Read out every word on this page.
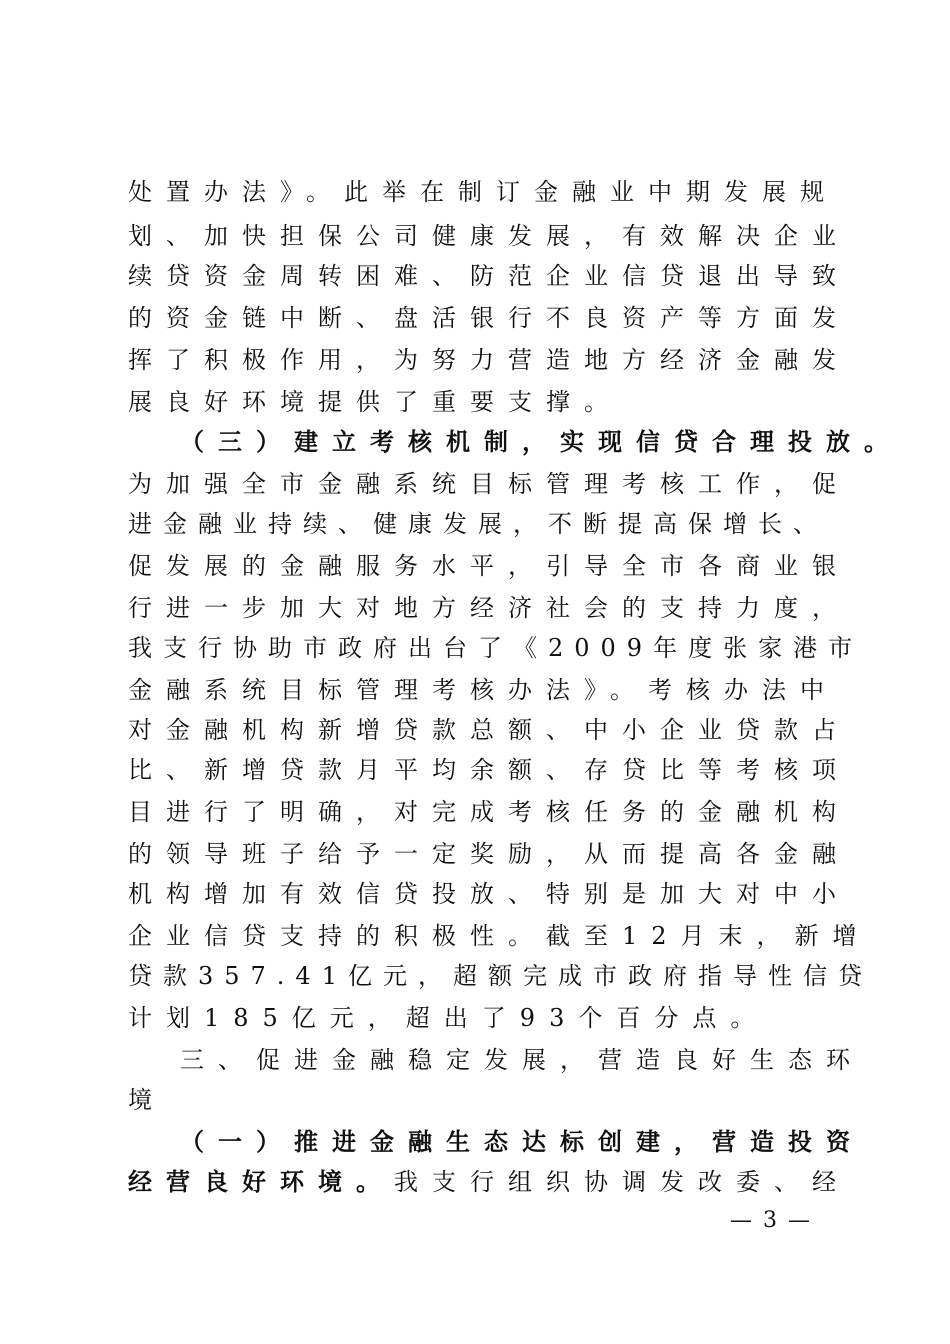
处置办法》。此举在制订金融业中期发展规
划、加快担保公司健康发展，有效解决企业
续贷资金周转困难、防范企业信贷退出导致
的资金链中断、盘活银行不良资产等方面发
挥了积极作用，为努力营造地方经济金融发
展良好环境提供了重要支撑。
（三）建立考核机制，实现信贷合理投放。
为加强全市金融系统目标管理考核工作，促
进金融业持续、健康发展，不断提高保增长、
促发展的金融服务水平，引导全市各商业银
行进一步加大对地方经济社会的支持力度，
我支行协助市政府出台了《2009年度张家港市
金融系统目标管理考核办法》。考核办法中
对金融机构新增贷款总额、中小企业贷款占
比、新增贷款月平均余额、存贷比等考核项
目进行了明确，对完成考核任务的金融机构
的领导班子给予一定奖励，从而提高各金融
机构增加有效信贷投放、特别是加大对中小
企业信贷支持的积极性。截至12月末，新增
贷款357.41亿元，超额完成市政府指导性信贷
计划185亿元，超出了93个百分点。
三、促进金融稳定发展，营造良好生态环
境
（一）推进金融生态达标创建，营造投资
经营良好环境。我支行组织协调发改委、经
— 3 —
